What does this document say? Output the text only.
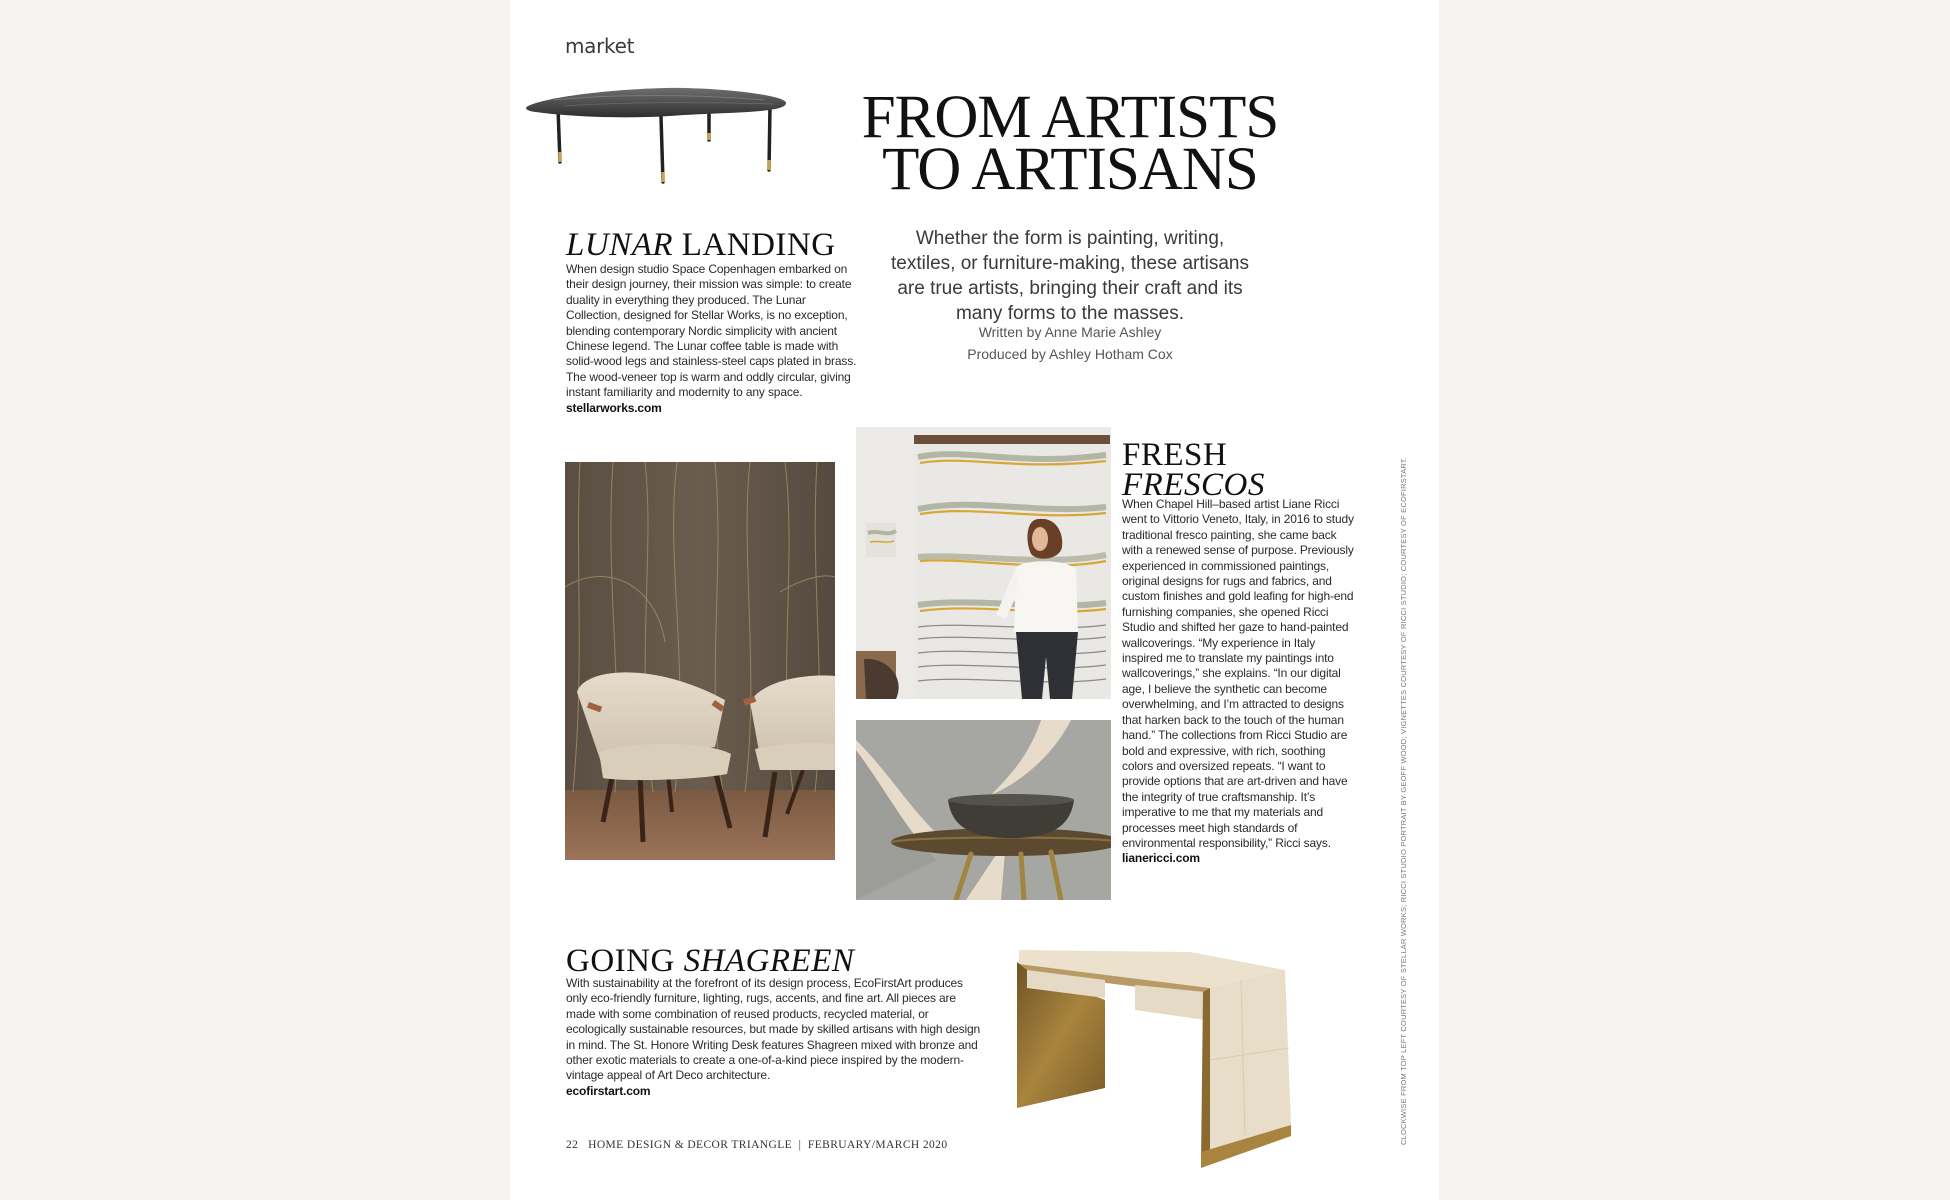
market
FROM ARTISTS
TO ARTISANS
Whether the form is painting, writing, textiles, or furniture-making, these artisans are true artists, bringing their craft and its many forms to the masses.
Written by Anne Marie Ashley
Produced by Ashley Hotham Cox
LUNAR LANDING
When design studio Space Copenhagen embarked on their design journey, their mission was simple: to create duality in everything they produced. The Lunar Collection, designed for Stellar Works, is no exception, blending contemporary Nordic simplicity with ancient Chinese legend. The Lunar coffee table is made with solid-wood legs and stainless-steel caps plated in brass. The wood-veneer top is warm and oddly circular, giving instant familiarity and modernity to any space. stellarworks.com
FRESH
FRESCOS
When Chapel Hill–based artist Liane Ricci went to Vittorio Veneto, Italy, in 2016 to study traditional fresco painting, she came back with a renewed sense of purpose. Previously experienced in commissioned paintings, original designs for rugs and fabrics, and custom finishes and gold leafing for high-end furnishing companies, she opened Ricci Studio and shifted her gaze to hand-painted wallcoverings. “My experience in Italy inspired me to translate my paintings into wallcoverings,” she explains. “In our digital age, I believe the synthetic can become overwhelming, and I’m attracted to designs that harken back to the touch of the human hand.” The collections from Ricci Studio are bold and expressive, with rich, soothing colors and oversized repeats. “I want to provide options that are art-driven and have the integrity of true craftsmanship. It’s imperative to me that my materials and processes meet high standards of environmental responsibility,” Ricci says.
lianericci.com
GOING SHAGREEN
With sustainability at the forefront of its design process, EcoFirstArt produces only eco-friendly furniture, lighting, rugs, accents, and fine art. All pieces are made with some combination of reused products, recycled material, or ecologically sustainable resources, but made by skilled artisans with high design in mind. The St. Honore Writing Desk features Shagreen mixed with bronze and other exotic materials to create a one-of-a-kind piece inspired by the modern-vintage appeal of Art Deco architecture.
ecofirstart.com	CLOCKWISE FROM TOP LEFT COURTESY OF STELLAR WORKS; RICCI STUDIO PORTRAIT BY GEOFF WOOD; VIGNETTES COURTESY OF RICCI STUDIO; COURTESY OF ECOFIRSTART.
22 HOME DESIGN & DECOR TRIANGLE | FEBRUARY/MARCH 2020
